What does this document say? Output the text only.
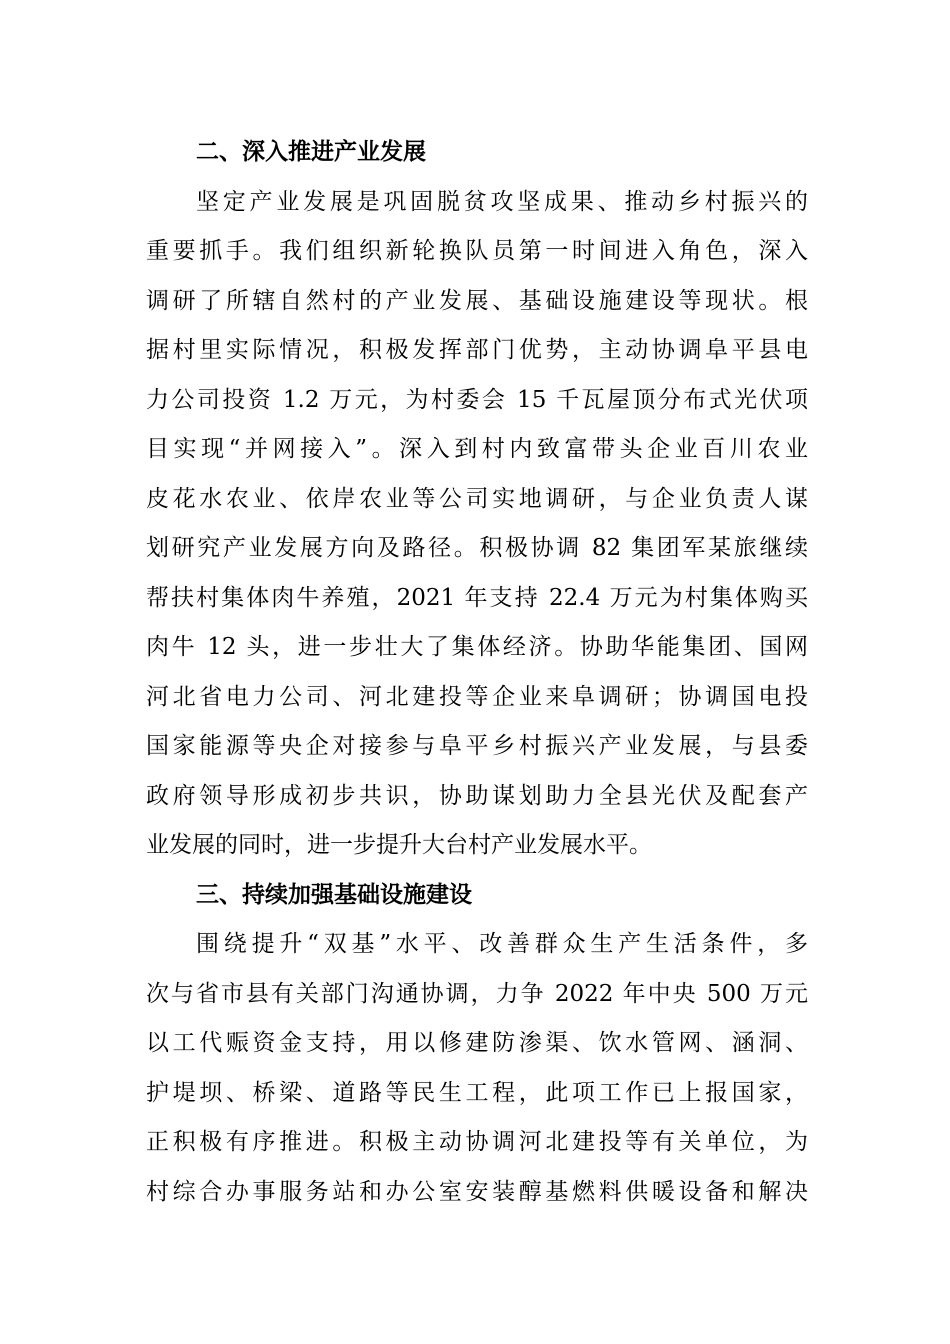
二、深入推进产业发展

坚定产业发展是巩固脱贫攻坚成果、推动乡村振兴的

重要抓手。我们组织新轮换队员第一时间进入角色，深入

调研了所辖自然村的产业发展、基础设施建设等现状。根

据村里实际情况，积极发挥部门优势，主动协调阜平县电

力公司投资 1.2 万元，为村委会 15 千瓦屋顶分布式光伏项

目实现“并网接入”。深入到村内致富带头企业百川农业

皮花水农业、依岸农业等公司实地调研，与企业负责人谋

划研究产业发展方向及路径。积极协调 82 集团军某旅继续

帮扶村集体肉牛养殖，2021 年支持 22.4 万元为村集体购买

肉牛 12 头，进一步壮大了集体经济。协助华能集团、国网

河北省电力公司、河北建投等企业来阜调研；协调国电投

国家能源等央企对接参与阜平乡村振兴产业发展，与县委

政府领导形成初步共识，协助谋划助力全县光伏及配套产

业发展的同时，进一步提升大台村产业发展水平。

三、持续加强基础设施建设

围绕提升“双基”水平、改善群众生产生活条件，多

次与省市县有关部门沟通协调，力争 2022 年中央 500 万元

以工代赈资金支持，用以修建防渗渠、饮水管网、涵洞、

护堤坝、桥梁、道路等民生工程，此项工作已上报国家，

正积极有序推进。积极主动协调河北建投等有关单位，为

村综合办事服务站和办公室安装醇基燃料供暖设备和解决
